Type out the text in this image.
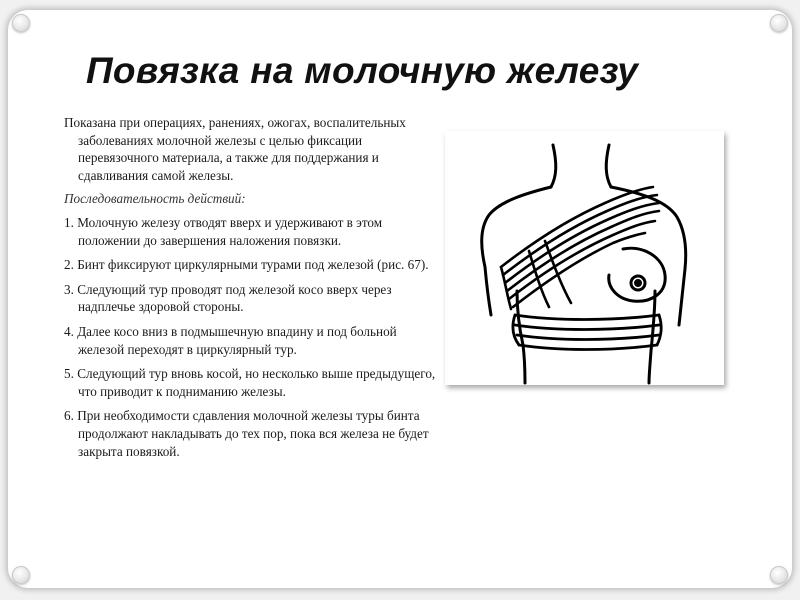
Повязка на молочную железу

Показана при операциях, ранениях, ожогах, воспалительных заболеваниях молочной железы с целью фиксации перевязочного материала, а также для поддержания и сдавливания самой железы.

Последовательность действий:

1. Молочную железу отводят вверх и удерживают в этом положении до завершения наложения повязки.

2. Бинт фиксируют циркулярными турами под железой (рис. 67).

3. Следующий тур проводят под железой косо вверх через надплечье здоровой стороны.

4. Далее косо вниз в подмышечную впадину и под больной железой переходят в циркулярный тур.

5. Следующий тур вновь косой, но несколько выше предыдущего, что приводит к подниманию железы.

6. При необходимости сдавления молочной железы туры бинта продолжают накладывать до тех пор, пока вся железа не будет закрыта повязкой.
